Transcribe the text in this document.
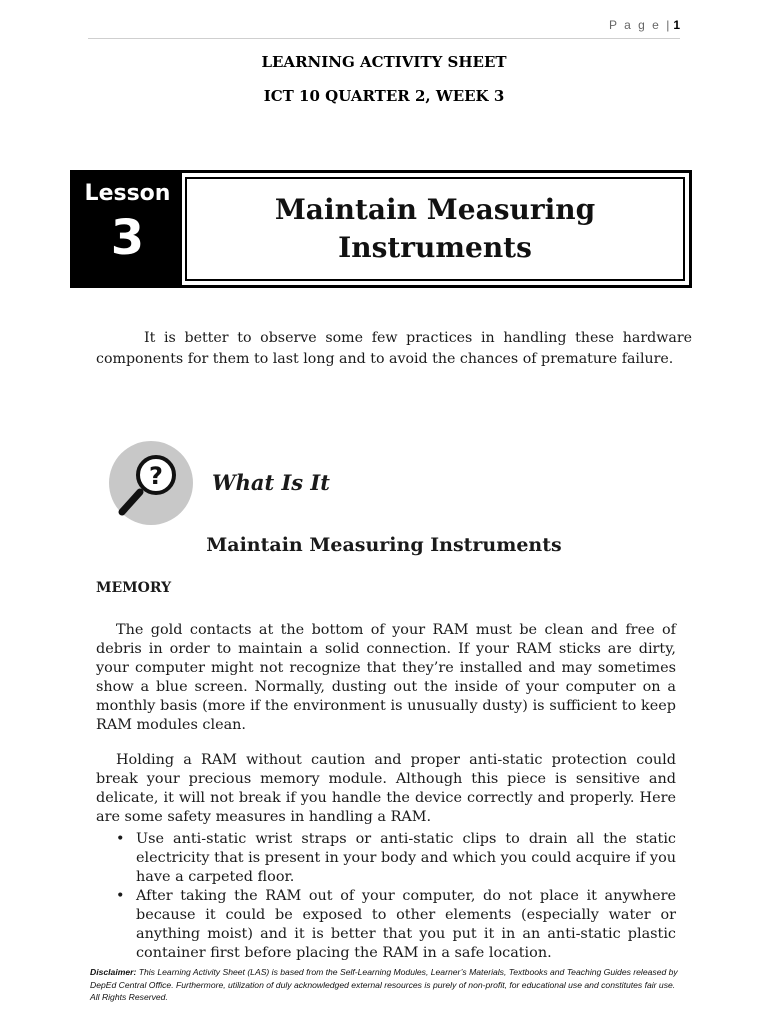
P a g e | 1
LEARNING ACTIVITY SHEET
ICT 10 QUARTER 2, WEEK 3
Lesson
3
Maintain Measuring Instruments
It is better to observe some few practices in handling these hardware components for them to last long and to avoid the chances of premature failure.
? What Is It
Maintain Measuring Instruments
MEMORY
The gold contacts at the bottom of your RAM must be clean and free of debris in order to maintain a solid connection. If your RAM sticks are dirty, your computer might not recognize that they’re installed and may sometimes show a blue screen. Normally, dusting out the inside of your computer on a monthly basis (more if the environment is unusually dusty) is sufficient to keep RAM modules clean.
Holding a RAM without caution and proper anti-static protection could break your precious memory module. Although this piece is sensitive and delicate, it will not break if you handle the device correctly and properly. Here are some safety measures in handling a RAM.
• Use anti-static wrist straps or anti-static clips to drain all the static electricity that is present in your body and which you could acquire if you have a carpeted floor.
• After taking the RAM out of your computer, do not place it anywhere because it could be exposed to other elements (especially water or anything moist) and it is better that you put it in an anti-static plastic container first before placing the RAM in a safe location.
Disclaimer: This Learning Activity Sheet (LAS) is based from the Self-Learning Modules, Learner’s Materials, Textbooks and Teaching Guides released by DepEd Central Office. Furthermore, utilization of duly acknowledged external resources is purely of non-profit, for educational use and constitutes fair use. All Rights Reserved.
